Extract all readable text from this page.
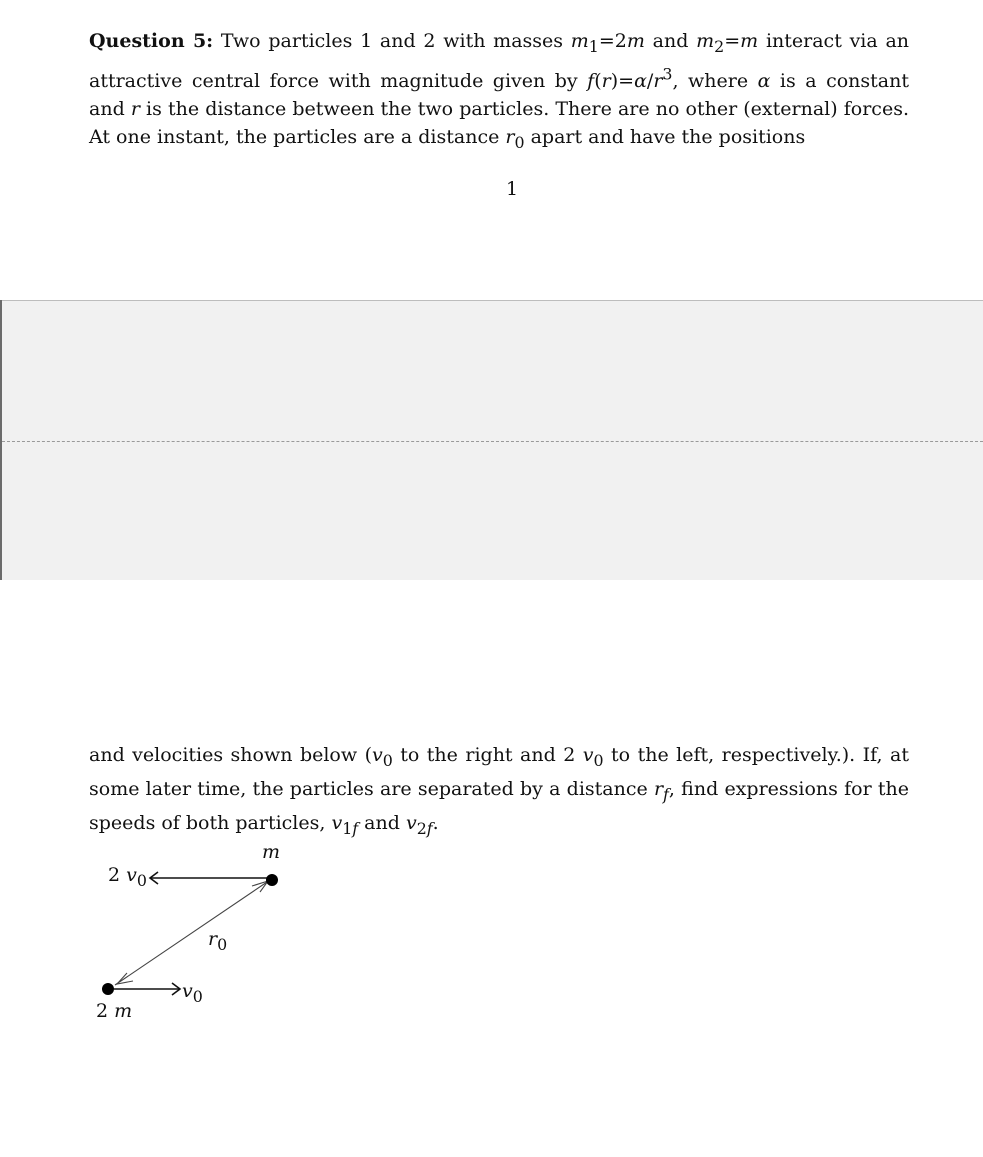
Question 5: Two particles 1 and 2 with masses $m_1=2m$ and $m_2=m$ interact via an attractive central force with magnitude given by $f(r)=\alpha/r^3$, where α is a constant and r is the distance between the two particles. There are no other (external) forces. At one instant, the particles are a distance $r_0$ apart and have the positions
1
and velocities shown below ($v_0$ to the right and 2 $v_0$ to the left, respectively.). If, at some later time, the particles are separated by a distance $r_f$, find expressions for the speeds of both particles, $v_{1f}$ and $v_{2f}$.
m
2 $v_0$
$r_0$
$v_0$
2 m
